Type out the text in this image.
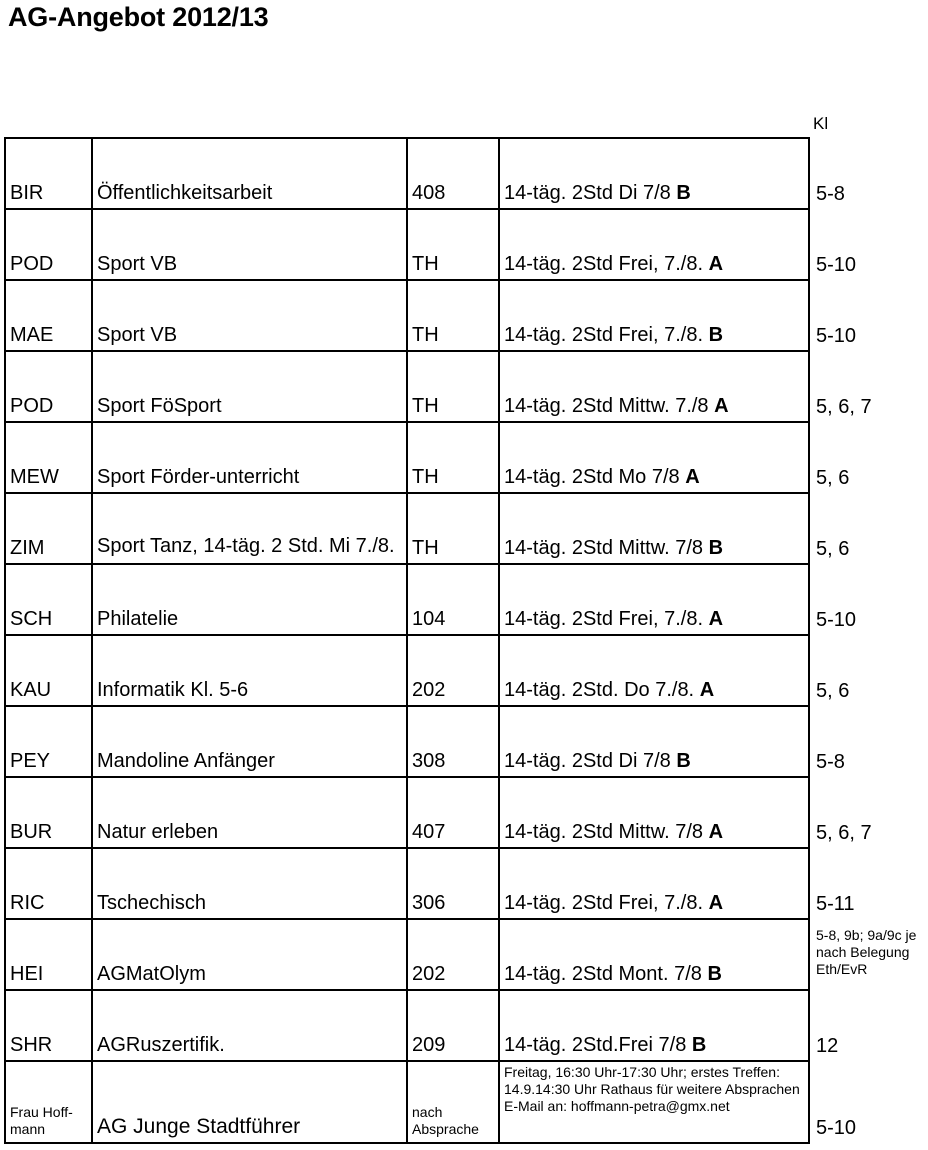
AG-Angebot 2012/13
Kl
BIR	Öffentlichkeitsarbeit	408	14-täg. 2Std Di 7/8 B	5-8
POD	Sport VB	TH	14-täg. 2Std Frei, 7./8. A	5-10
MAE	Sport VB	TH	14-täg. 2Std Frei, 7./8. B	5-10
POD	Sport FöSport	TH	14-täg. 2Std Mittw. 7./8 A	5, 6, 7
MEW	Sport Förder-unterricht	TH	14-täg. 2Std Mo 7/8 A	5, 6
ZIM	Sport Tanz, 14-täg. 2 Std. Mi 7./8.	TH	14-täg. 2Std Mittw. 7/8 B	5, 6
SCH	Philatelie	104	14-täg. 2Std Frei, 7./8. A	5-10
KAU	Informatik Kl. 5-6	202	14-täg. 2Std. Do 7./8. A	5, 6
PEY	Mandoline Anfänger	308	14-täg. 2Std Di 7/8 B	5-8
BUR	Natur erleben	407	14-täg. 2Std Mittw. 7/8 A	5, 6, 7
RIC	Tschechisch	306	14-täg. 2Std Frei, 7./8. A	5-11
HEI	AGMatOlym	202	14-täg. 2Std Mont. 7/8 B	5-8, 9b; 9a/9c je nach Belegung Eth/EvR
SHR	AGRuszertifik.	209	14-täg. 2Std.Frei 7/8 B	12
Frau Hoff-mann	AG Junge Stadtführer	nach Absprache	Freitag, 16:30 Uhr-17:30 Uhr; erstes Treffen: 14.9.14:30 Uhr Rathaus für weitere Absprachen E-Mail an: hoffmann-petra@gmx.net	5-10
